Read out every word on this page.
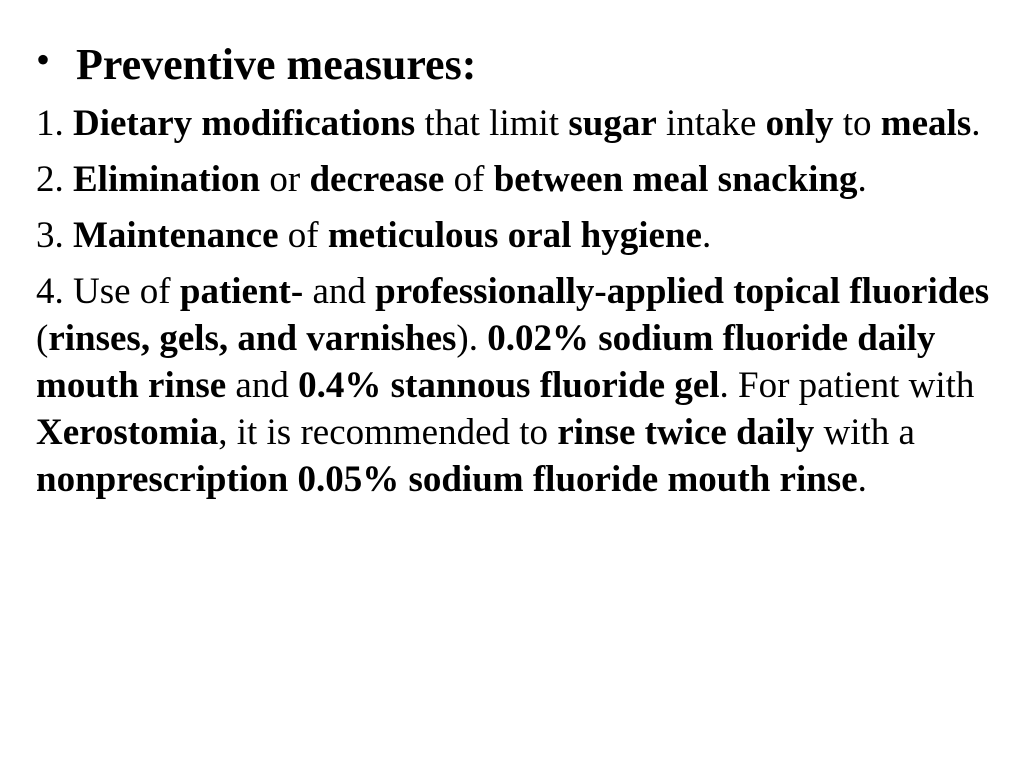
• Preventive measures:
1. Dietary modifications that limit sugar intake only to meals.
2. Elimination or decrease of between meal snacking.
3. Maintenance of meticulous oral hygiene.
4. Use of patient- and professionally-applied topical fluorides (rinses, gels, and varnishes). 0.02% sodium fluoride daily mouth rinse and 0.4% stannous fluoride gel. For patient with Xerostomia, it is recommended to rinse twice daily with a nonprescription 0.05% sodium fluoride mouth rinse.
